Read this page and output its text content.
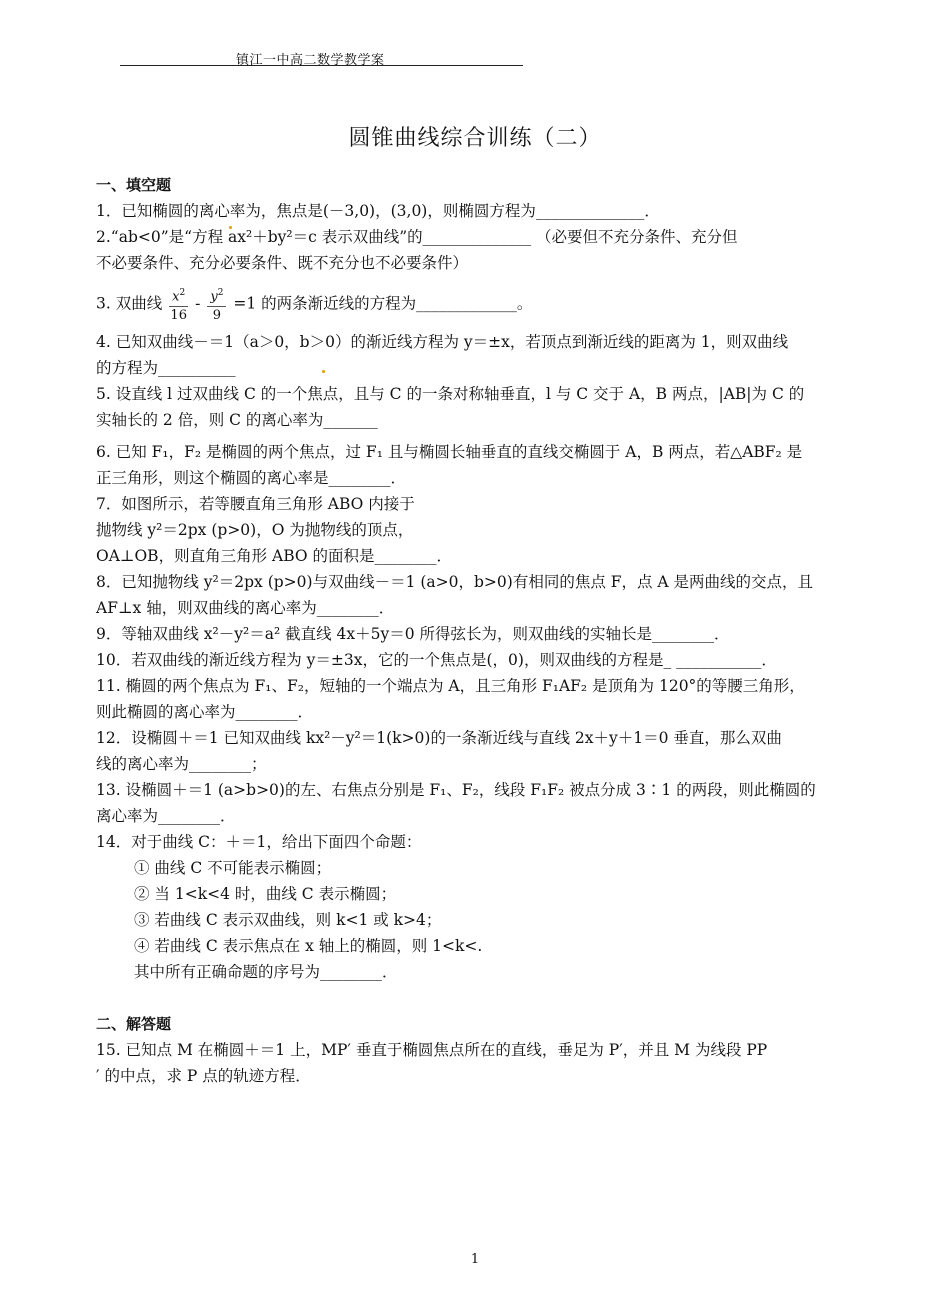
镇江一中高二数学教学案
圆锥曲线综合训练（二）
一、填空题
1．已知椭圆的离心率为，焦点是(－3,0)，(3,0)，则椭圆方程为______________．
2.“ab<0”是“方程 ax²＋by²＝c 表示双曲线”的______________ （必要但不充分条件、充分但
不必要条件、充分必要条件、既不充分也不必要条件）
3. 双曲线 $\frac{x^2}{16} - \frac{y^2}{9} =1$ 的两条渐近线的方程为_____________。
4. 已知双曲线－＝1（a＞0，b＞0）的渐近线方程为 y＝±x，若顶点到渐近线的距离为 1，则双曲线
的方程为__________
5. 设直线 l 过双曲线 C 的一个焦点，且与 C 的一条对称轴垂直，l 与 C 交于 A，B 两点，|AB|为 C 的
实轴长的 2 倍，则 C 的离心率为_______
6. 已知 F₁，F₂ 是椭圆的两个焦点，过 F₁ 且与椭圆长轴垂直的直线交椭圆于 A，B 两点，若△ABF₂ 是
正三角形，则这个椭圆的离心率是________．
7．如图所示，若等腰直角三角形 ABO 内接于
抛物线 y²＝2px (p>0)，O 为抛物线的顶点，
OA⊥OB，则直角三角形 ABO 的面积是________．
8．已知抛物线 y²＝2px (p>0)与双曲线－＝1 (a>0，b>0)有相同的焦点 F，点 A 是两曲线的交点，且
AF⊥x 轴，则双曲线的离心率为________．
9．等轴双曲线 x²－y²＝a² 截直线 4x＋5y＝0 所得弦长为，则双曲线的实轴长是________．
10．若双曲线的渐近线方程为 y＝±3x，它的一个焦点是(，0)，则双曲线的方程是_ ___________．
11. 椭圆的两个焦点为 F₁、F₂，短轴的一个端点为 A，且三角形 F₁AF₂ 是顶角为 120°的等腰三角形，
则此椭圆的离心率为________．
12．设椭圆＋＝1 已知双曲线 kx²－y²＝1(k>0)的一条渐近线与直线 2x＋y＋1＝0 垂直，那么双曲
线的离心率为________；
13. 设椭圆＋＝1 (a>b>0)的左、右焦点分别是 F₁、F₂，线段 F₁F₂ 被点分成 3∶1 的两段，则此椭圆的
离心率为________．
14．对于曲线 C：＋＝1，给出下面四个命题：
① 曲线 C 不可能表示椭圆；
② 当 1<k<4 时，曲线 C 表示椭圆；
③ 若曲线 C 表示双曲线，则 k<1 或 k>4；
④ 若曲线 C 表示焦点在 x 轴上的椭圆，则 1<k<.
其中所有正确命题的序号为________．
二、解答题
15. 已知点 M 在椭圆＋＝1 上，MP′ 垂直于椭圆焦点所在的直线，垂足为 P′，并且 M 为线段 PP
′ 的中点，求 P 点的轨迹方程．
1
